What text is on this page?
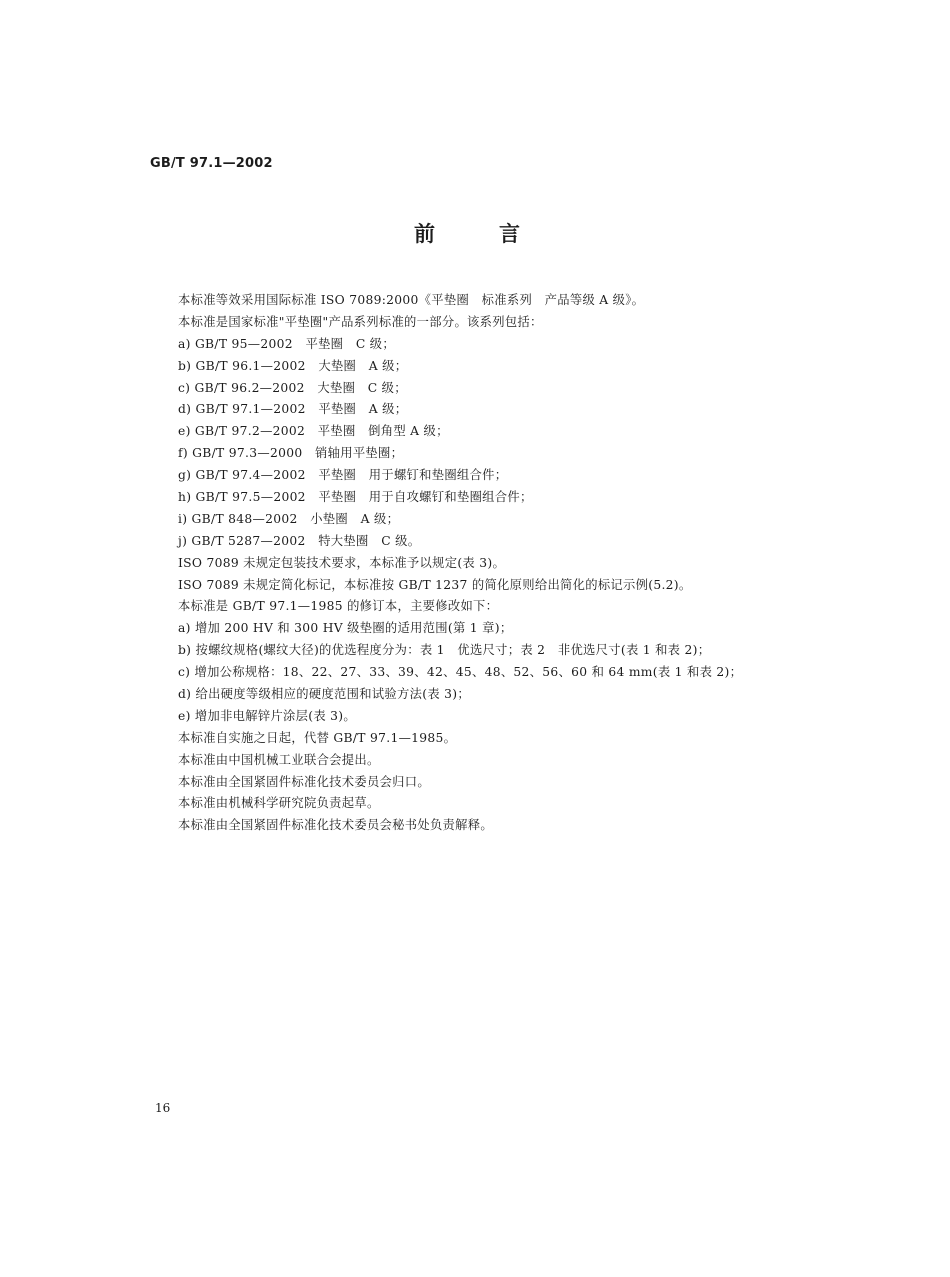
GB/T 97.1—2002

前言
本标准等效采用国际标准 ISO 7089:2000《平垫圈　标准系列　产品等级 A 级》。
本标准是国家标准"平垫圈"产品系列标准的一部分。该系列包括：
a) GB/T 95—2002　平垫圈　C 级；
b) GB/T 96.1—2002　大垫圈　A 级；
c) GB/T 96.2—2002　大垫圈　C 级；
d) GB/T 97.1—2002　平垫圈　A 级；
e) GB/T 97.2—2002　平垫圈　倒角型 A 级；
f) GB/T 97.3—2000　销轴用平垫圈；
g) GB/T 97.4—2002　平垫圈　用于螺钉和垫圈组合件；
h) GB/T 97.5—2002　平垫圈　用于自攻螺钉和垫圈组合件；
i) GB/T 848—2002　小垫圈　A 级；
j) GB/T 5287—2002　特大垫圈　C 级。
ISO 7089 未规定包装技术要求，本标准予以规定(表 3)。
ISO 7089 未规定简化标记，本标准按 GB/T 1237 的简化原则给出简化的标记示例(5.2)。
本标准是 GB/T 97.1—1985 的修订本，主要修改如下：
a) 增加 200 HV 和 300 HV 级垫圈的适用范围(第 1 章)；
b) 按螺纹规格(螺纹大径)的优选程度分为：表 1　优选尺寸；表 2　非优选尺寸(表 1 和表 2)；
c) 增加公称规格：18、22、27、33、39、42、45、48、52、56、60 和 64 mm(表 1 和表 2)；
d) 给出硬度等级相应的硬度范围和试验方法(表 3)；
e) 增加非电解锌片涂层(表 3)。
本标准自实施之日起，代替 GB/T 97.1—1985。
本标准由中国机械工业联合会提出。
本标准由全国紧固件标准化技术委员会归口。
本标准由机械科学研究院负责起草。
本标准由全国紧固件标准化技术委员会秘书处负责解释。

16
